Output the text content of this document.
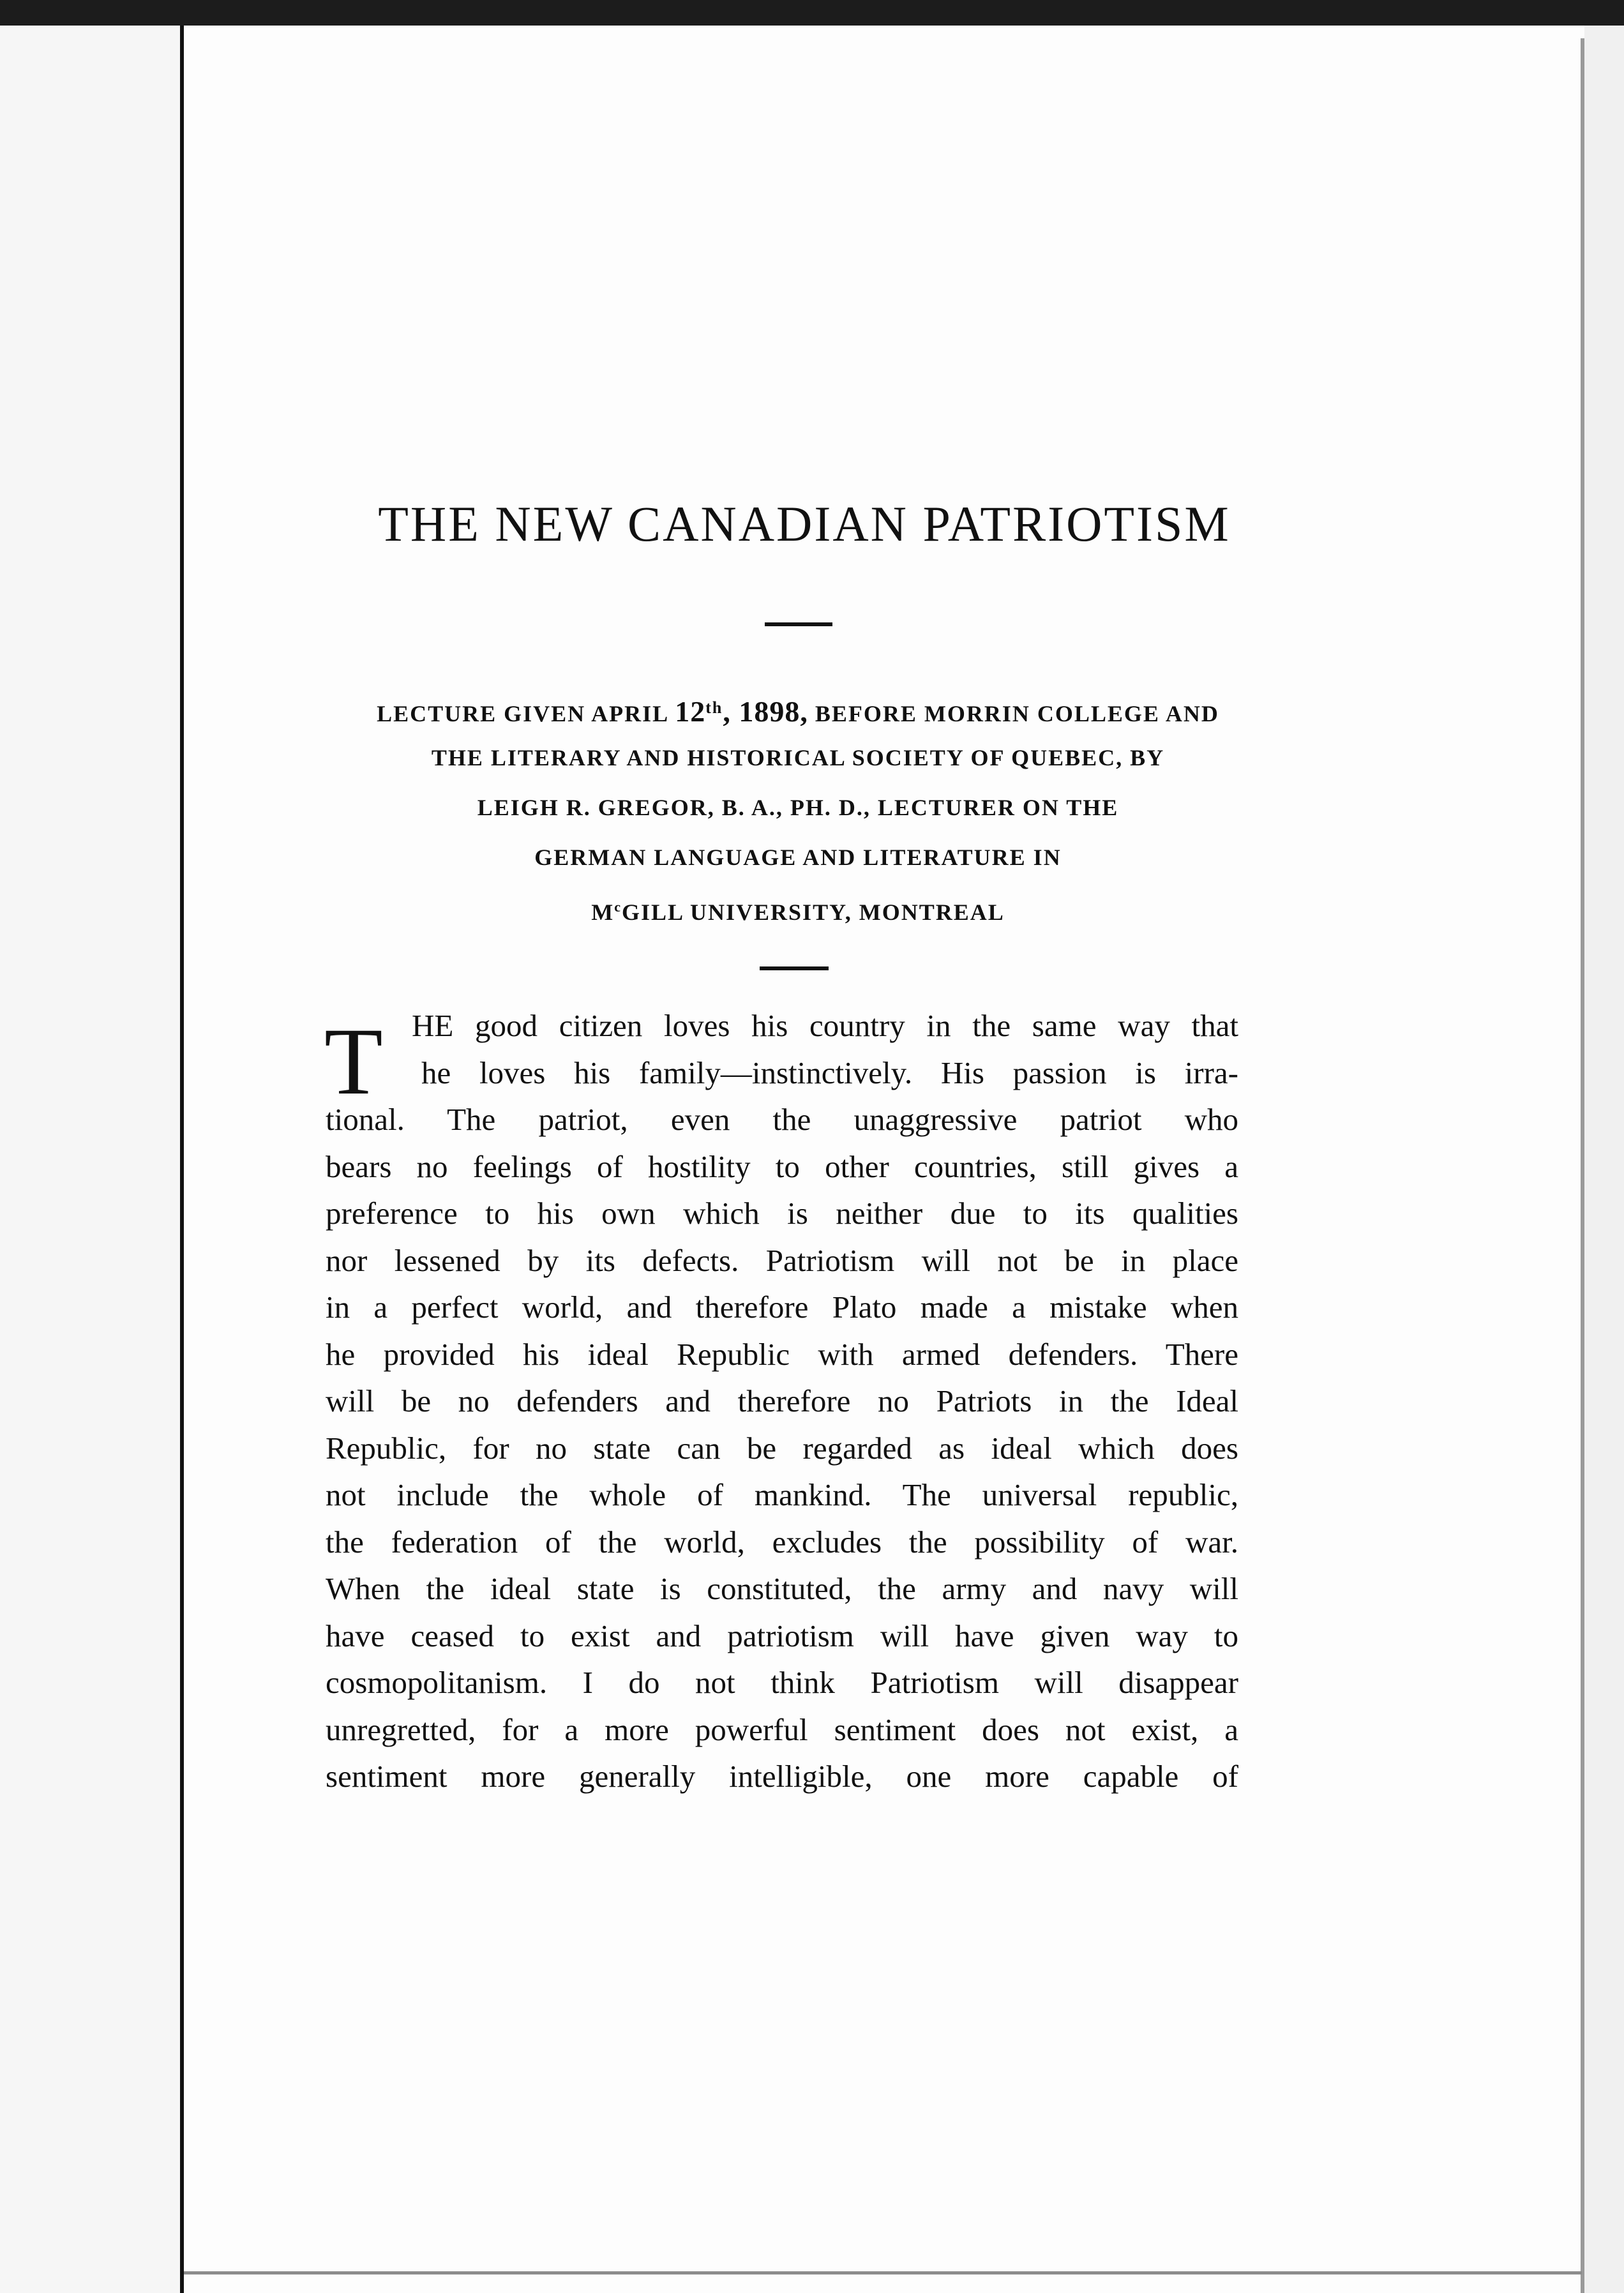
THE NEW CANADIAN PATRIOTISM
LECTURE GIVEN APRIL 12th, 1898, BEFORE MORRIN COLLEGE AND
THE LITERARY AND HISTORICAL SOCIETY OF QUEBEC, BY
LEIGH R. GREGOR, B. A., PH. D., LECTURER ON THE
GERMAN LANGUAGE AND LITERATURE IN
$M^cGILL$ UNIVERSITY, MONTREAL
T HE good citizen loves his country in the same way that
he loves his family—instinctively. His passion is irra-
tional. The patriot, even the unaggressive patriot who
bears no feelings of hostility to other countries, still gives a
preference to his own which is neither due to its qualities
nor lessened by its defects. Patriotism will not be in place
in a perfect world, and therefore Plato made a mistake when
he provided his ideal Republic with armed defenders. There
will be no defenders and therefore no Patriots in the Ideal
Republic, for no state can be regarded as ideal which does
not include the whole of mankind. The universal republic,
the federation of the world, excludes the possibility of war.
When the ideal state is constituted, the army and navy will
have ceased to exist and patriotism will have given way to
cosmopolitanism. I do not think Patriotism will disappear
unregretted, for a more powerful sentiment does not exist, a
sentiment more generally intelligible, one more capable of
